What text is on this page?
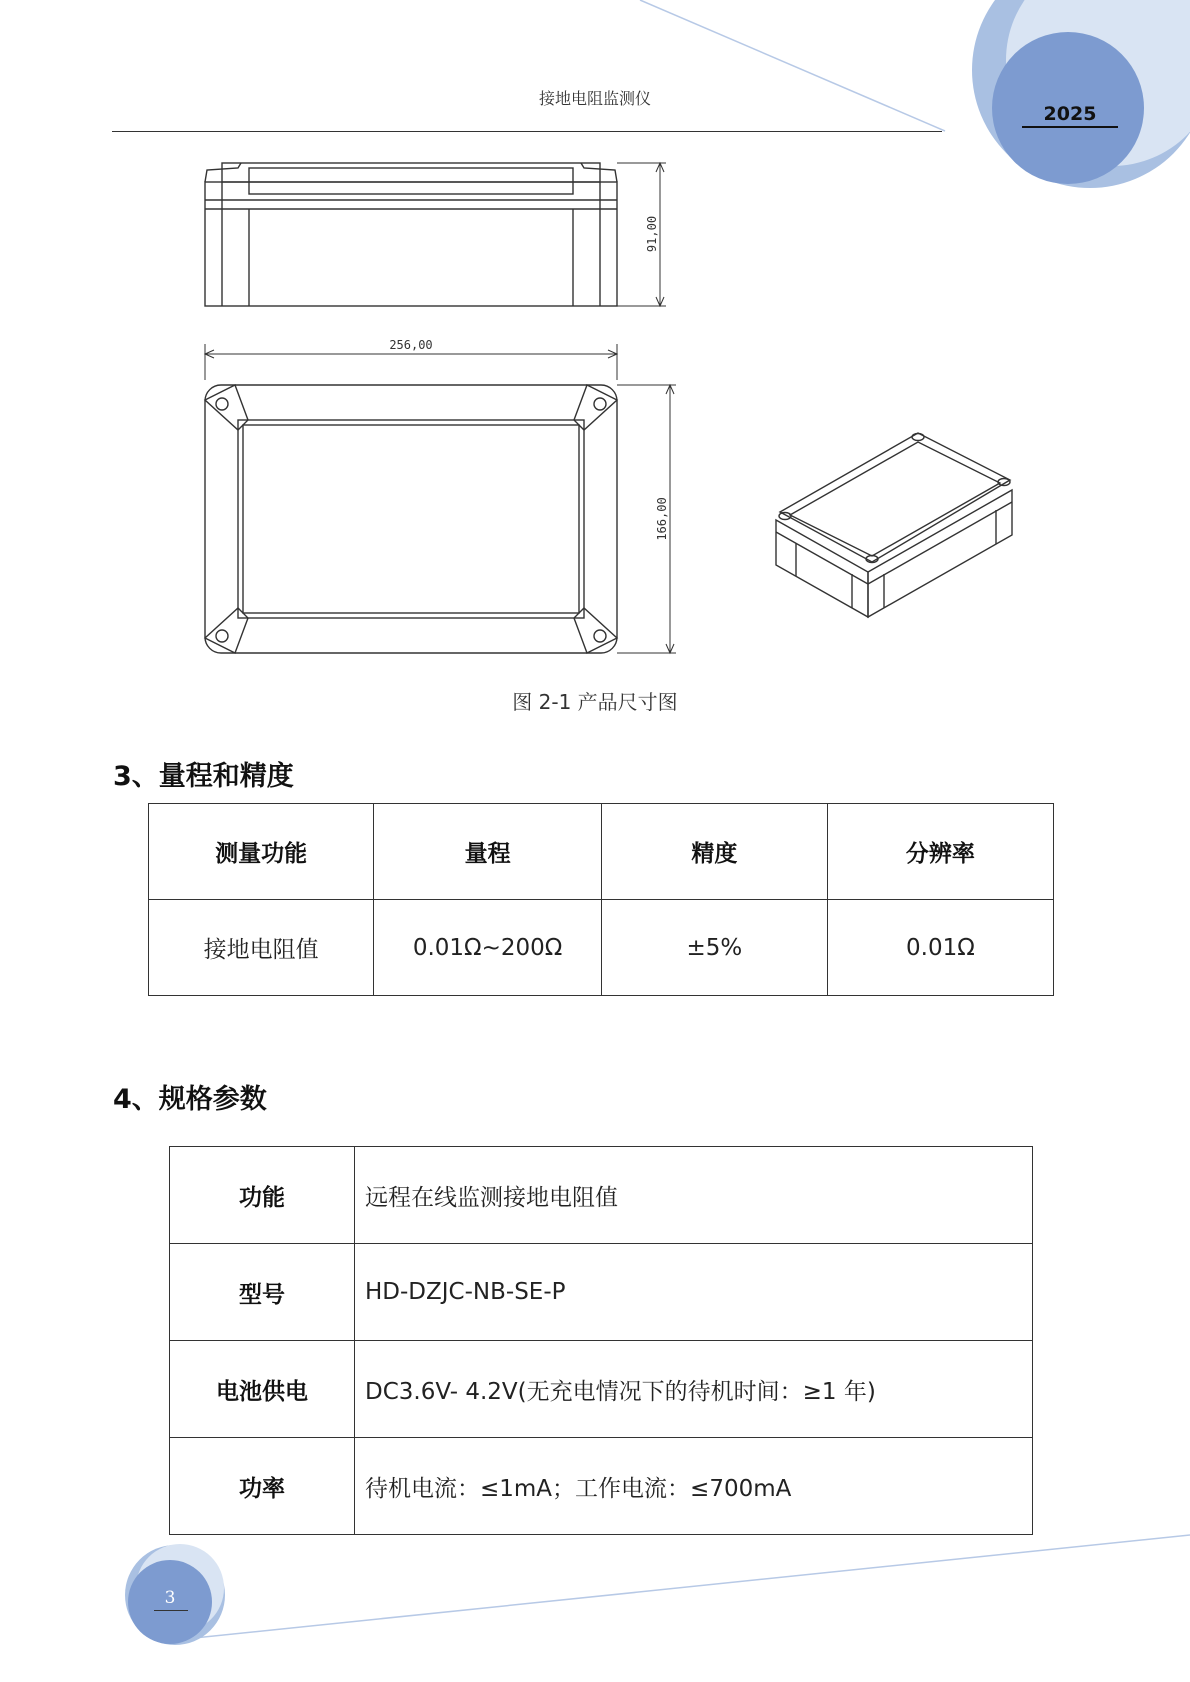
接地电阻监测仪
2025
91,00
256,00
166,00
图 2-1 产品尺寸图
3、量程和精度
测量功能	量程	精度	分辨率
接地电阻值	0.01Ω~200Ω	±5%	0.01Ω
4、规格参数
功能	远程在线监测接地电阻值
型号	HD-DZJC-NB-SE-P
电池供电	DC3.6V- 4.2V(无充电情况下的待机时间：≥1 年)
功率	待机电流：≤1mA；工作电流：≤700mA
3
